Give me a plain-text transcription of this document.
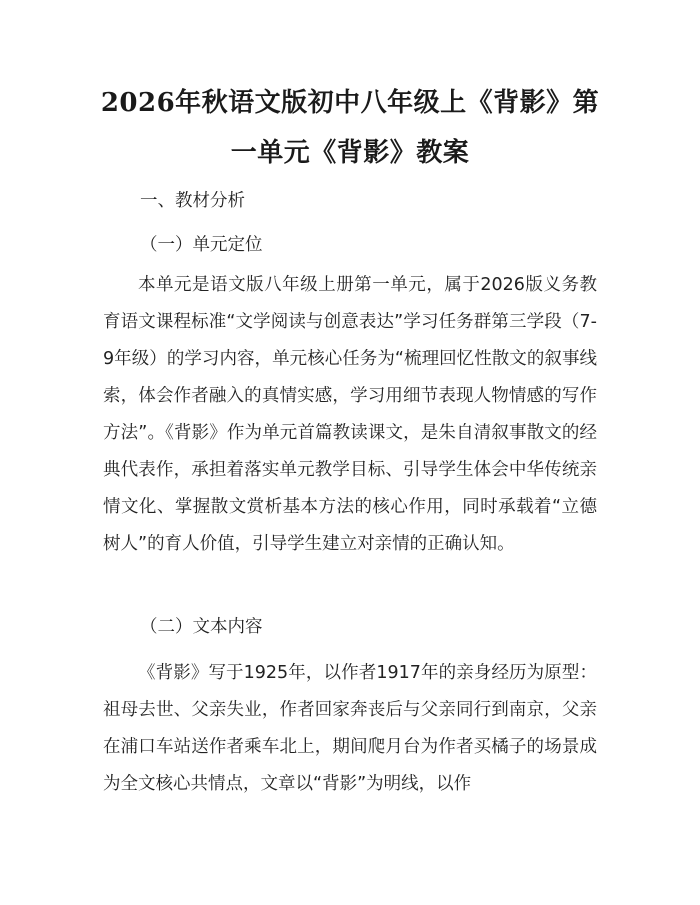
2026年秋语文版初中八年级上《背影》第一单元《背影》教案
一、教材分析
（一）单元定位
本单元是语文版八年级上册第一单元，属于2026版义务教育语文课程标准“文学阅读与创意表达”学习任务群第三学段（7-9年级）的学习内容，单元核心任务为“梳理回忆性散文的叙事线索，体会作者融入的真情实感，学习用细节表现人物情感的写作方法”。《背影》作为单元首篇教读课文，是朱自清叙事散文的经典代表作，承担着落实单元教学目标、引导学生体会中华传统亲情文化、掌握散文赏析基本方法的核心作用，同时承载着“立德树人”的育人价值，引导学生建立对亲情的正确认知。
（二）文本内容
《背影》写于1925年，以作者1917年的亲身经历为原型：祖母去世、父亲失业，作者回家奔丧后与父亲同行到南京，父亲在浦口车站送作者乘车北上，期间爬月台为作者买橘子的场景成为全文核心共情点，文章以“背影”为明线，以作
